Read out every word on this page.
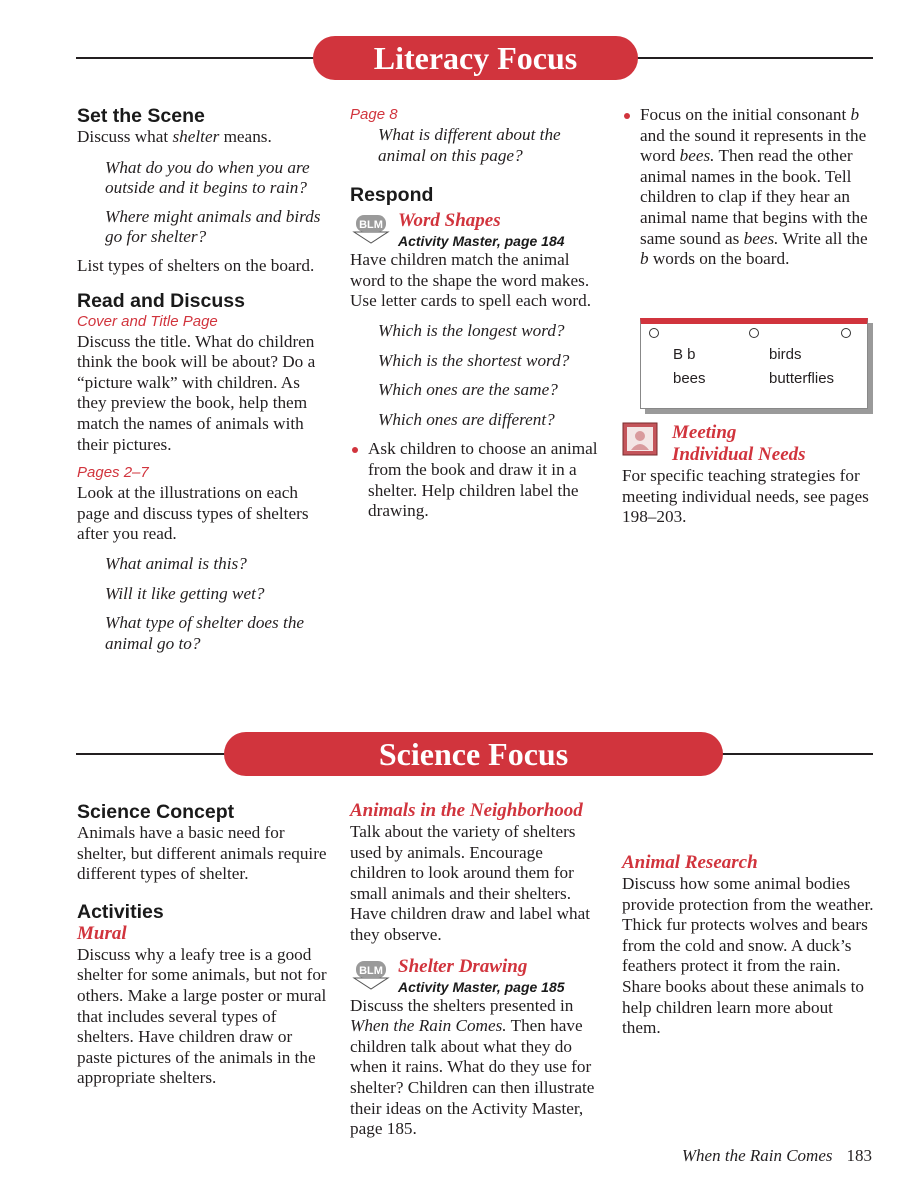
Literacy Focus
Set the Scene

Discuss what shelter means.

What do you do when you are outside and it begins to rain?

Where might animals and birds go for shelter?

List types of shelters on the board.

Read and Discuss
Cover and Title Page

Discuss the title. What do children think the book will be about? Do a “picture walk” with children. As they preview the book, help them match the names of animals with their pictures.

Pages 2–7

Look at the illustrations on each page and discuss types of shelters after you read.

What animal is this?

Will it like getting wet?

What type of shelter does the animal go to?

Page 8

What is different about the animal on this page?

Respond
BLM Word Shapes
Activity Master, page 184

Have children match the animal word to the shape the word makes. Use letter cards to spell each word.

Which is the longest word?

Which is the shortest word?

Which ones are the same?

Which ones are different?

Ask children to choose an animal from the book and draw it in a shelter. Help children label the drawing.

Focus on the initial consonant b and the sound it represents in the word bees. Then read the other animal names in the book. Tell children to clap if they hear an animal name that begins with the same sound as bees. Write all the b words on the board.

B b	birds
bees	butterflies
Meeting
Individual Needs

For specific teaching strategies for meeting individual needs, see pages 198–203.

Science Focus
Science Concept

Animals have a basic need for shelter, but different animals require different types of shelter.

Activities
Mural

Discuss why a leafy tree is a good shelter for some animals, but not for others. Make a large poster or mural that includes several types of shelters. Have children draw or paste pictures of the animals in the appropriate shelters.

Animals in the Neighborhood

Talk about the variety of shelters used by animals. Encourage children to look around them for small animals and their shelters. Have children draw and label what they observe.

BLM Shelter Drawing
Activity Master, page 185

Discuss the shelters presented in When the Rain Comes. Then have children talk about what they do when it rains. What do they use for shelter? Children can then illustrate their ideas on the Activity Master, page 185.

Animal Research

Discuss how some animal bodies provide protection from the weather. Thick fur protects wolves and bears from the cold and snow. A duck’s feathers protect it from the rain. Share books about these animals to help children learn more about them.

When the Rain Comes 183
